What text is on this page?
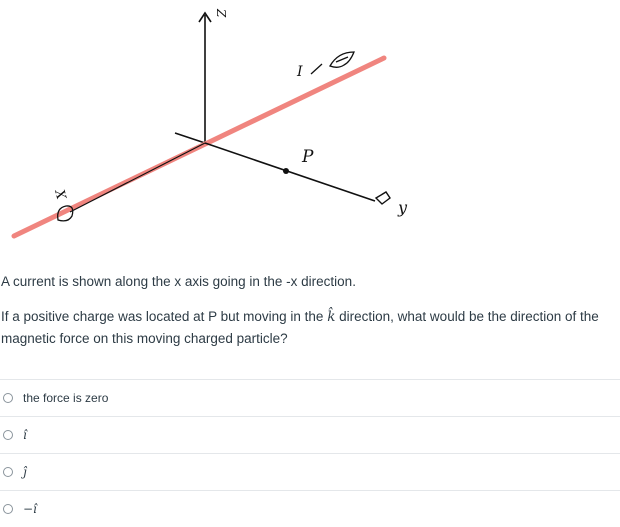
Z
y
P
I
X

A current is shown along the x axis going in the -x direction.

If a positive charge was located at P but moving in the k̂ direction, what would be the direction of the magnetic force on this moving charged particle?

the force is zero
î
ĵ
−î
